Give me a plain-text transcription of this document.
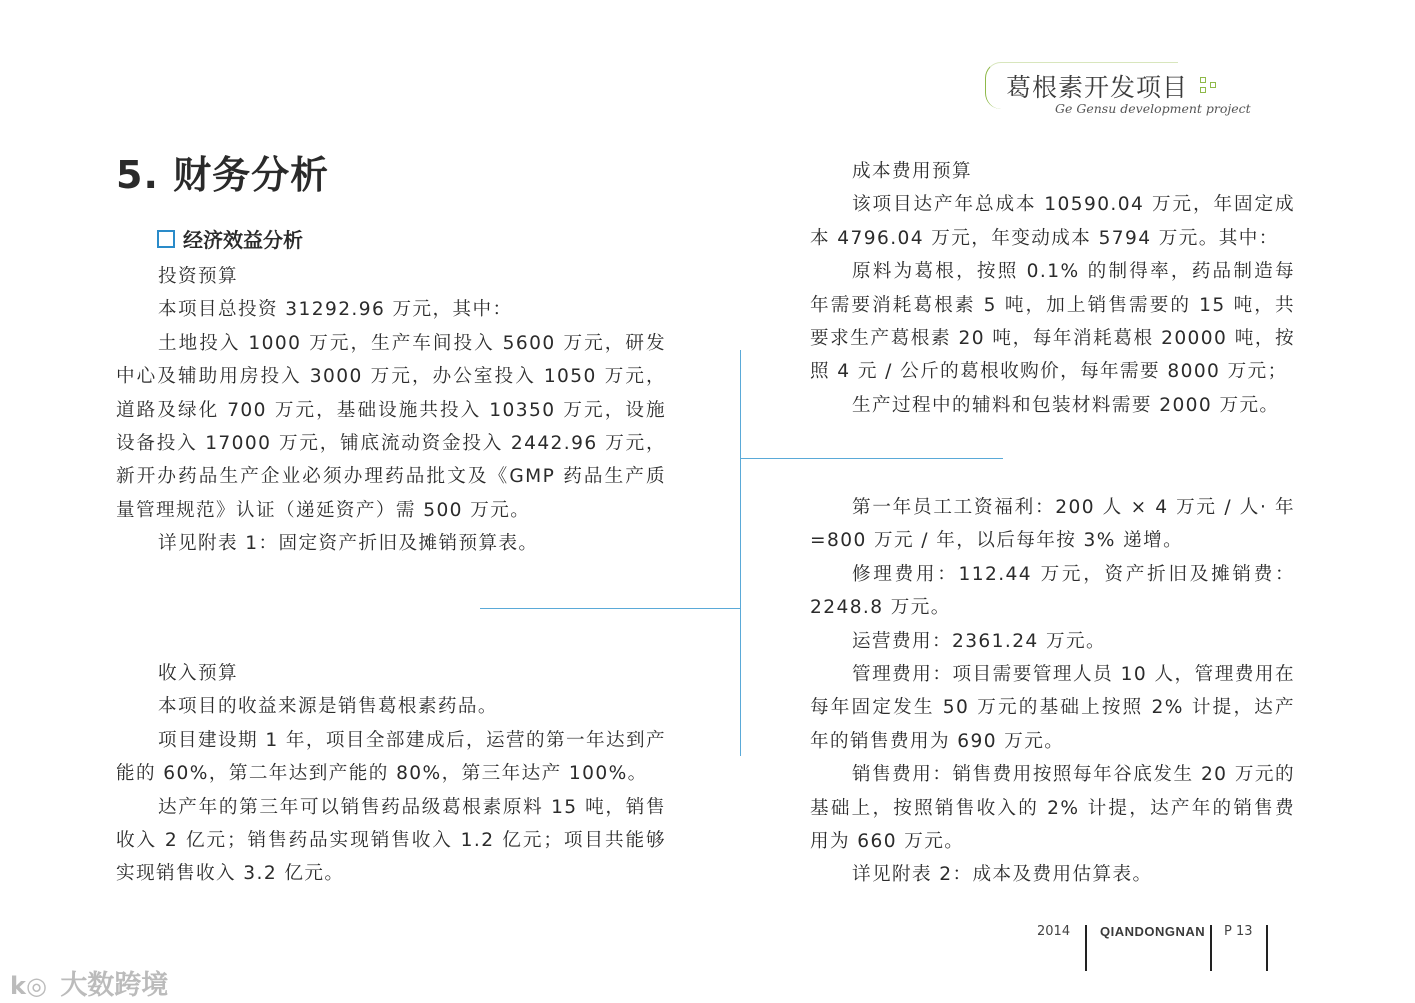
葛根素开发项目
Ge Gensu development project
5. 财务分析
经济效益分析

投资预算

本项目总投资 31292.96 万元，其中：

土地投入 1000 万元，生产车间投入 5600 万元，研发中心及辅助用房投入 3000 万元，办公室投入 1050 万元，道路及绿化 700 万元，基础设施共投入 10350 万元，设施设备投入 17000 万元，铺底流动资金投入 2442.96 万元，新开办药品生产企业必须办理药品批文及《GMP 药品生产质量管理规范》认证（递延资产）需 500 万元。

详见附表 1：固定资产折旧及摊销预算表。

收入预算

本项目的收益来源是销售葛根素药品。

项目建设期 1 年，项目全部建成后，运营的第一年达到产能的 60%，第二年达到产能的 80%，第三年达产 100%。

达产年的第三年可以销售药品级葛根素原料 15 吨，销售收入 2 亿元；销售药品实现销售收入 1.2 亿元；项目共能够实现销售收入 3.2 亿元。

成本费用预算

该项目达产年总成本 10590.04 万元，年固定成本 4796.04 万元，年变动成本 5794 万元。其中：

原料为葛根，按照 0.1% 的制得率，药品制造每年需要消耗葛根素 5 吨，加上销售需要的 15 吨，共要求生产葛根素 20 吨，每年消耗葛根 20000 吨，按照 4 元 / 公斤的葛根收购价，每年需要 8000 万元；

生产过程中的辅料和包装材料需要 2000 万元。

第一年员工工资福利：200 人 × 4 万元 / 人· 年=800 万元 / 年，以后每年按 3% 递增。

修理费用：112.44 万元，资产折旧及摊销费：2248.8 万元。

运营费用：2361.24 万元。

管理费用：项目需要管理人员 10 人，管理费用在每年固定发生 50 万元的基础上按照 2% 计提，达产年的销售费用为 690 万元。

销售费用：销售费用按照每年谷底发生 20 万元的基础上，按照销售收入的 2% 计提，达产年的销售费用为 660 万元。

详见附表 2：成本及费用估算表。

2014 QIANDONGNAN P 13
k◎ 大数跨境
